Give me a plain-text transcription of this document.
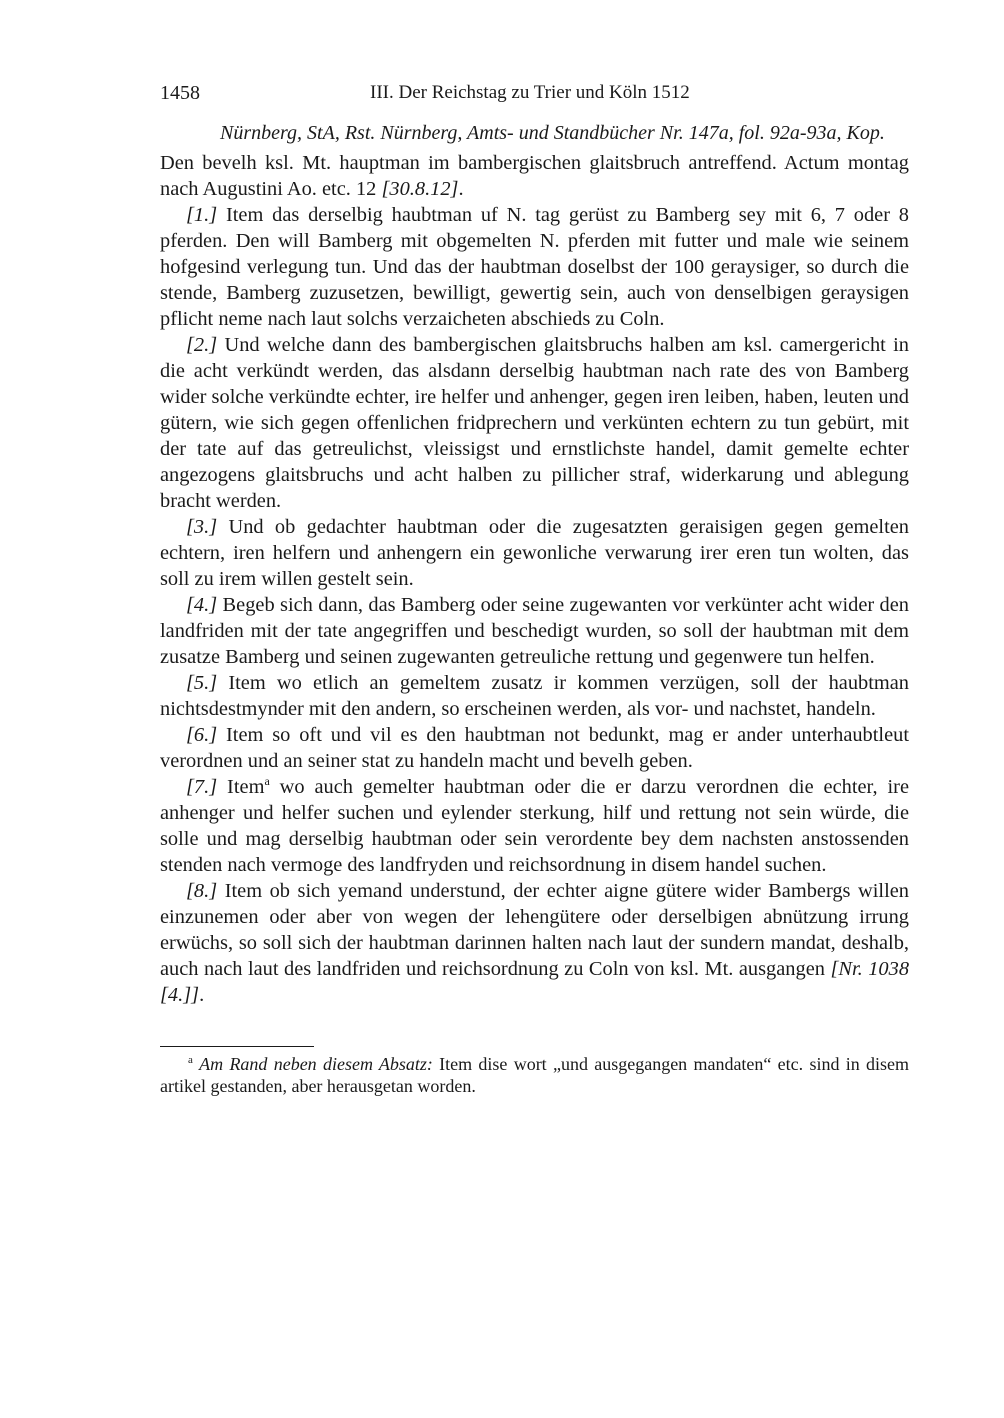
1458	III. Der Reichstag zu Trier und Köln 1512
Nürnberg, StA, Rst. Nürnberg, Amts- und Standbücher Nr. 147a, fol. 92a-93a, Kop.

Den bevelh ksl. Mt. hauptman im bambergischen glaitsbruch antreffend. Actum montag nach Augustini Ao. etc. 12 [30.8.12].

[1.] Item das derselbig haubtman uf N. tag gerüst zu Bamberg sey mit 6, 7 oder 8 pferden. Den will Bamberg mit obgemelten N. pferden mit futter und male wie seinem hofgesind verlegung tun. Und das der haubtman doselbst der 100 geraysiger, so durch die stende, Bamberg zuzusetzen, bewilligt, gewertig sein, auch von denselbigen geraysigen pflicht neme nach laut solchs verzaicheten abschieds zu Coln.

[2.] Und welche dann des bambergischen glaitsbruchs halben am ksl. camergericht in die acht verkündt werden, das alsdann derselbig haubtman nach rate des von Bamberg wider solche verkündte echter, ire helfer und anhenger, gegen iren leiben, haben, leuten und gütern, wie sich gegen offenlichen fridprechern und verkünten echtern zu tun gebürt, mit der tate auf das getreulichst, vleissigst und ernstlichste handel, damit gemelte echter angezogens glaitsbruchs und acht halben zu pillicher straf, widerkarung und ablegung bracht werden.

[3.] Und ob gedachter haubtman oder die zugesatzten geraisigen gegen gemelten echtern, iren helfern und anhengern ein gewonliche verwarung irer eren tun wolten, das soll zu irem willen gestelt sein.

[4.] Begeb sich dann, das Bamberg oder seine zugewanten vor verkünter acht wider den landfriden mit der tate angegriffen und beschedigt wurden, so soll der haubtman mit dem zusatze Bamberg und seinen zugewanten getreuliche rettung und gegenwere tun helfen.

[5.] Item wo etlich an gemeltem zusatz ir kommen verzügen, soll der haubtman nichtsdestmynder mit den andern, so erscheinen werden, als vor- und nachstet, handeln.

[6.] Item so oft und vil es den haubtman not bedunkt, mag er ander unterhaubtleut verordnen und an seiner stat zu handeln macht und bevelh geben.

[7.] Item$^a$ wo auch gemelter haubtman oder die er darzu verordnen die echter, ire anhenger und helfer suchen und eylender sterkung, hilf und rettung not sein würde, die solle und mag derselbig haubtman oder sein verordente bey dem nachsten anstossenden stenden nach vermoge des landfryden und reichsordnung in disem handel suchen.

[8.] Item ob sich yemand understund, der echter aigne gütere wider Bambergs willen einzunemen oder aber von wegen der lehengütere oder derselbigen abnützung irrung erwüchs, so soll sich der haubtman darinnen halten nach laut der sundern mandat, deshalb, auch nach laut des landfriden und reichsordnung zu Coln von ksl. Mt. ausgangen [Nr. 1038 [4.]].

$^a$ Am Rand neben diesem Absatz: Item dise wort „und ausgegangen mandaten“ etc. sind in disem artikel gestanden, aber herausgetan worden.
